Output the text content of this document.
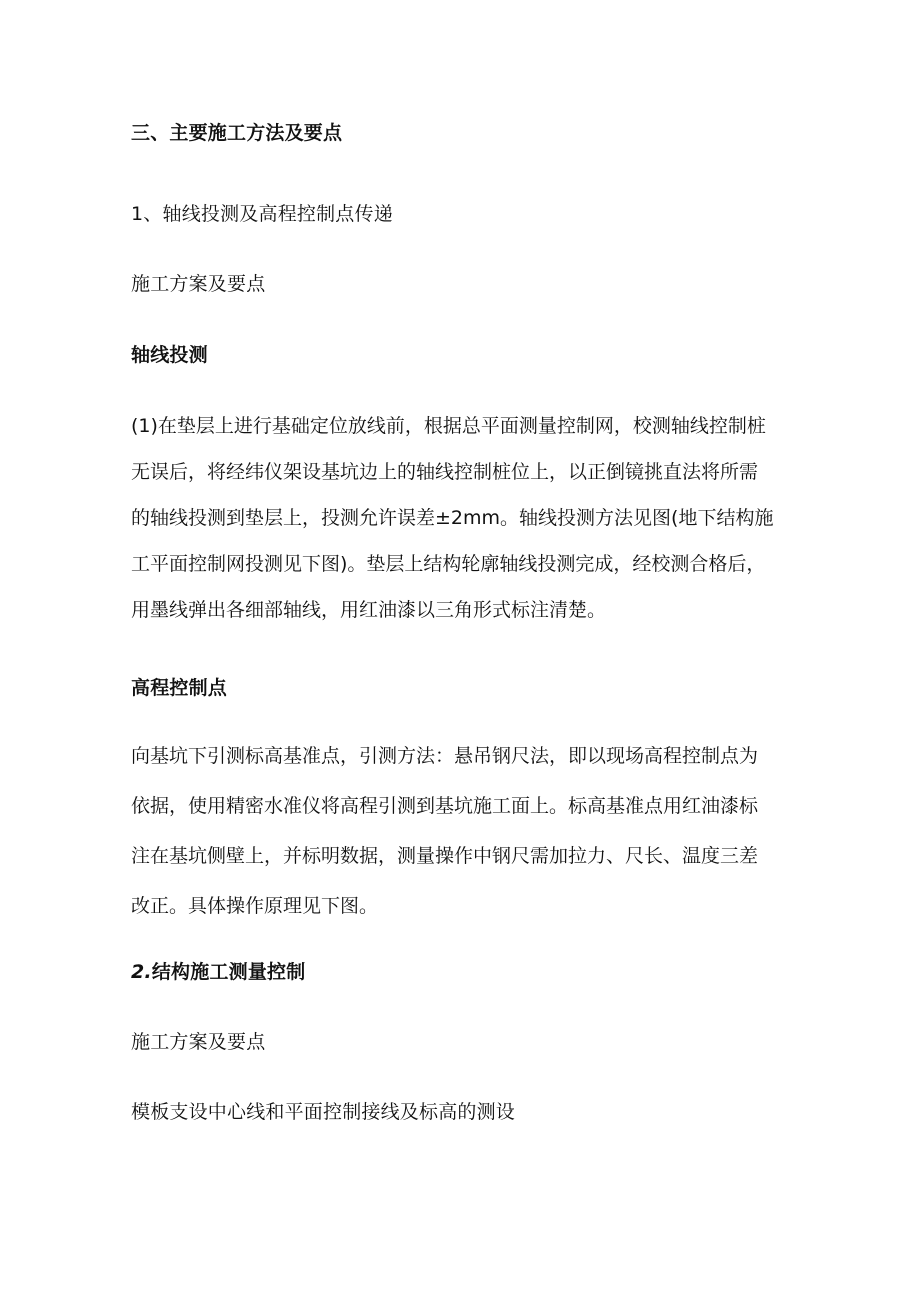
三、主要施工方法及要点
1、轴线投测及高程控制点传递
施工方案及要点
轴线投测
(1)在垫层上进行基础定位放线前，根据总平面测量控制网，校测轴线控制桩
无误后，将经纬仪架设基坑边上的轴线控制桩位上，以正倒镜挑直法将所需
的轴线投测到垫层上，投测允许误差±2mm。轴线投测方法见图(地下结构施
工平面控制网投测见下图)。垫层上结构轮廓轴线投测完成，经校测合格后，
用墨线弹出各细部轴线，用红油漆以三角形式标注清楚。
高程控制点
向基坑下引测标高基准点，引测方法：悬吊钢尺法，即以现场高程控制点为
依据，使用精密水准仪将高程引测到基坑施工面上。标高基准点用红油漆标
注在基坑侧壁上，并标明数据，测量操作中钢尺需加拉力、尺长、温度三差
改正。具体操作原理见下图。
2.结构施工测量控制
施工方案及要点
模板支设中心线和平面控制接线及标高的测设
